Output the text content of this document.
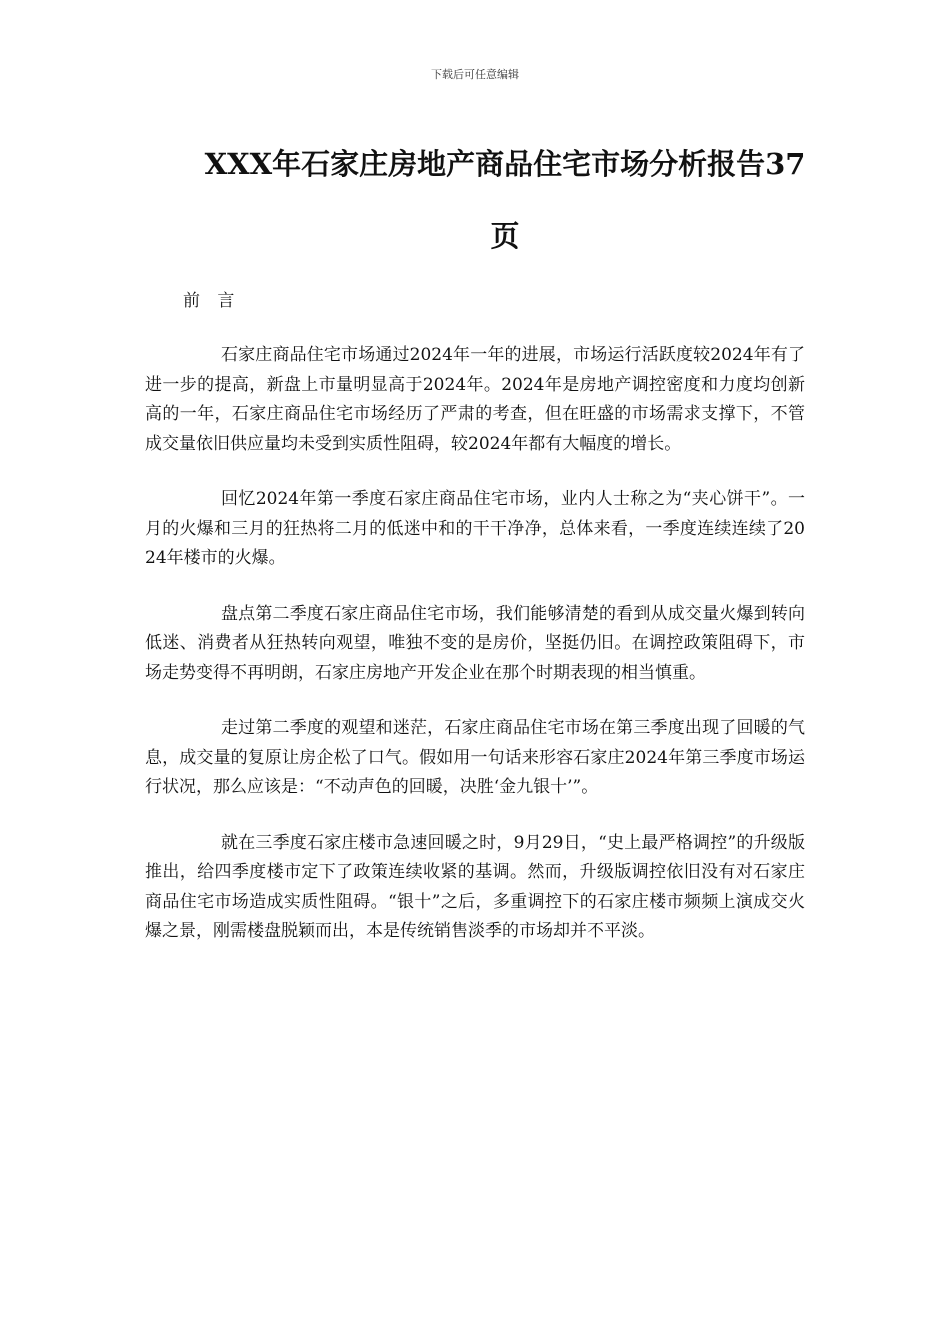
下载后可任意编辑
XXX年石家庄房地产商品住宅市场分析报告37页

前 言

石家庄商品住宅市场通过2024年一年的进展，市场运行活跃度较2024年有了进一步的提高，新盘上市量明显高于2024年。2024年是房地产调控密度和力度均创新高的一年，石家庄商品住宅市场经历了严肃的考查，但在旺盛的市场需求支撑下，不管成交量依旧供应量均未受到实质性阻碍，较2024年都有大幅度的增长。

回忆2024年第一季度石家庄商品住宅市场，业内人士称之为“夹心饼干”。一月的火爆和三月的狂热将二月的低迷中和的干干净净，总体来看，一季度连续连续了2024年楼市的火爆。

盘点第二季度石家庄商品住宅市场，我们能够清楚的看到从成交量火爆到转向低迷、消费者从狂热转向观望，唯独不变的是房价，坚挺仍旧。在调控政策阻碍下，市场走势变得不再明朗，石家庄房地产开发企业在那个时期表现的相当慎重。

走过第二季度的观望和迷茫，石家庄商品住宅市场在第三季度出现了回暖的气息，成交量的复原让房企松了口气。假如用一句话来形容石家庄2024年第三季度市场运行状况，那么应该是：“不动声色的回暖，决胜‘金九银十’”。

就在三季度石家庄楼市急速回暖之时，9月29日，“史上最严格调控”的升级版推出，给四季度楼市定下了政策连续收紧的基调。然而，升级版调控依旧没有对石家庄商品住宅市场造成实质性阻碍。“银十”之后，多重调控下的石家庄楼市频频上演成交火爆之景，刚需楼盘脱颖而出，本是传统销售淡季的市场却并不平淡。
